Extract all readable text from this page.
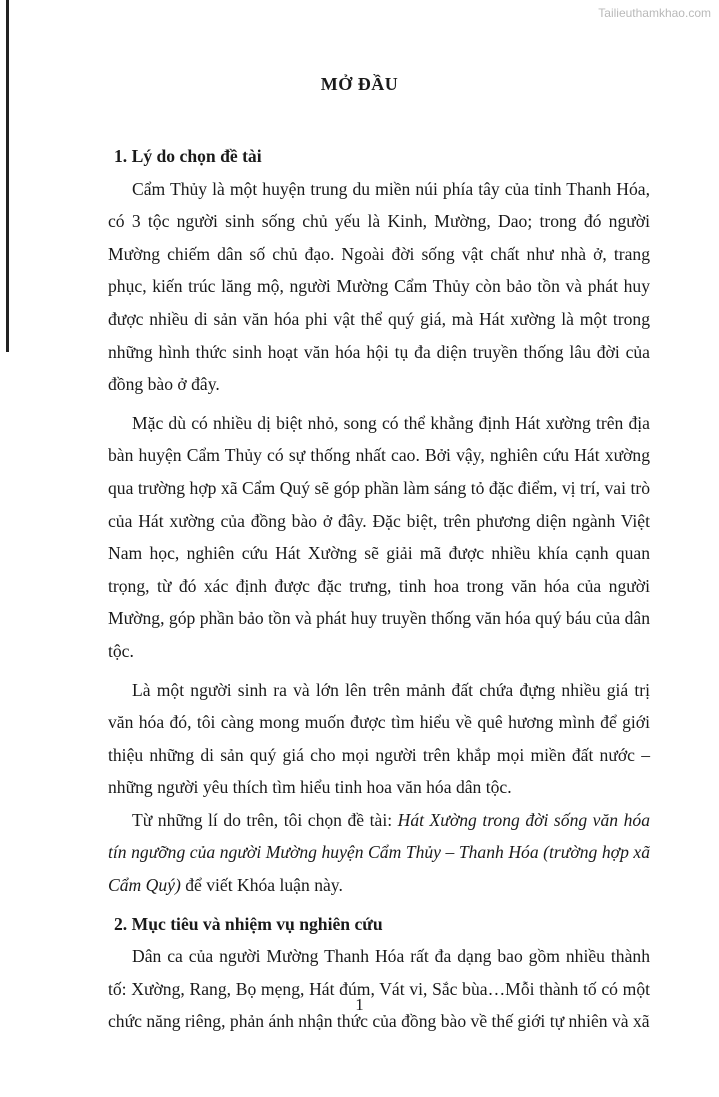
Tailieuthamkhao.com
MỞ ĐẦU
1. Lý do chọn đề tài

Cẩm Thủy là một huyện trung du miền núi phía tây của tỉnh Thanh Hóa, có 3 tộc người sinh sống chủ yếu là Kinh, Mường, Dao; trong đó người Mường chiếm dân số chủ đạo. Ngoài đời sống vật chất như nhà ở, trang phục, kiến trúc lăng mộ, người Mường Cẩm Thủy còn bảo tồn và phát huy được nhiều di sản văn hóa phi vật thể quý giá, mà Hát xường là một trong những hình thức sinh hoạt văn hóa hội tụ đa diện truyền thống lâu đời của đồng bào ở đây.

Mặc dù có nhiều dị biệt nhỏ, song có thể khẳng định Hát xường trên địa bàn huyện Cẩm Thủy có sự thống nhất cao. Bởi vậy, nghiên cứu Hát xường qua trường hợp xã Cẩm Quý sẽ góp phần làm sáng tỏ đặc điểm, vị trí, vai trò của Hát xường của đồng bào ở đây. Đặc biệt, trên phương diện ngành Việt Nam học, nghiên cứu Hát Xường sẽ giải mã được nhiều khía cạnh quan trọng, từ đó xác định được đặc trưng, tinh hoa trong văn hóa của người Mường, góp phần bảo tồn và phát huy truyền thống văn hóa quý báu của dân tộc.

Là một người sinh ra và lớn lên trên mảnh đất chứa đựng nhiều giá trị văn hóa đó, tôi càng mong muốn được tìm hiểu về quê hương mình để giới thiệu những di sản quý giá cho mọi người trên khắp mọi miền đất nước – những người yêu thích tìm hiểu tinh hoa văn hóa dân tộc.

Từ những lí do trên, tôi chọn đề tài: Hát Xường trong đời sống văn hóa tín ngưỡng của người Mường huyện Cẩm Thủy – Thanh Hóa (trường hợp xã Cẩm Quý) để viết Khóa luận này.

2. Mục tiêu và nhiệm vụ nghiên cứu

Dân ca của người Mường Thanh Hóa rất đa dạng bao gồm nhiều thành tố: Xường, Rang, Bọ mẹng, Hát đúm, Vát vi, Sắc bùa…Mỗi thành tố có một chức năng riêng, phản ánh nhận thức của đồng bào về thế giới tự nhiên và xã

1
